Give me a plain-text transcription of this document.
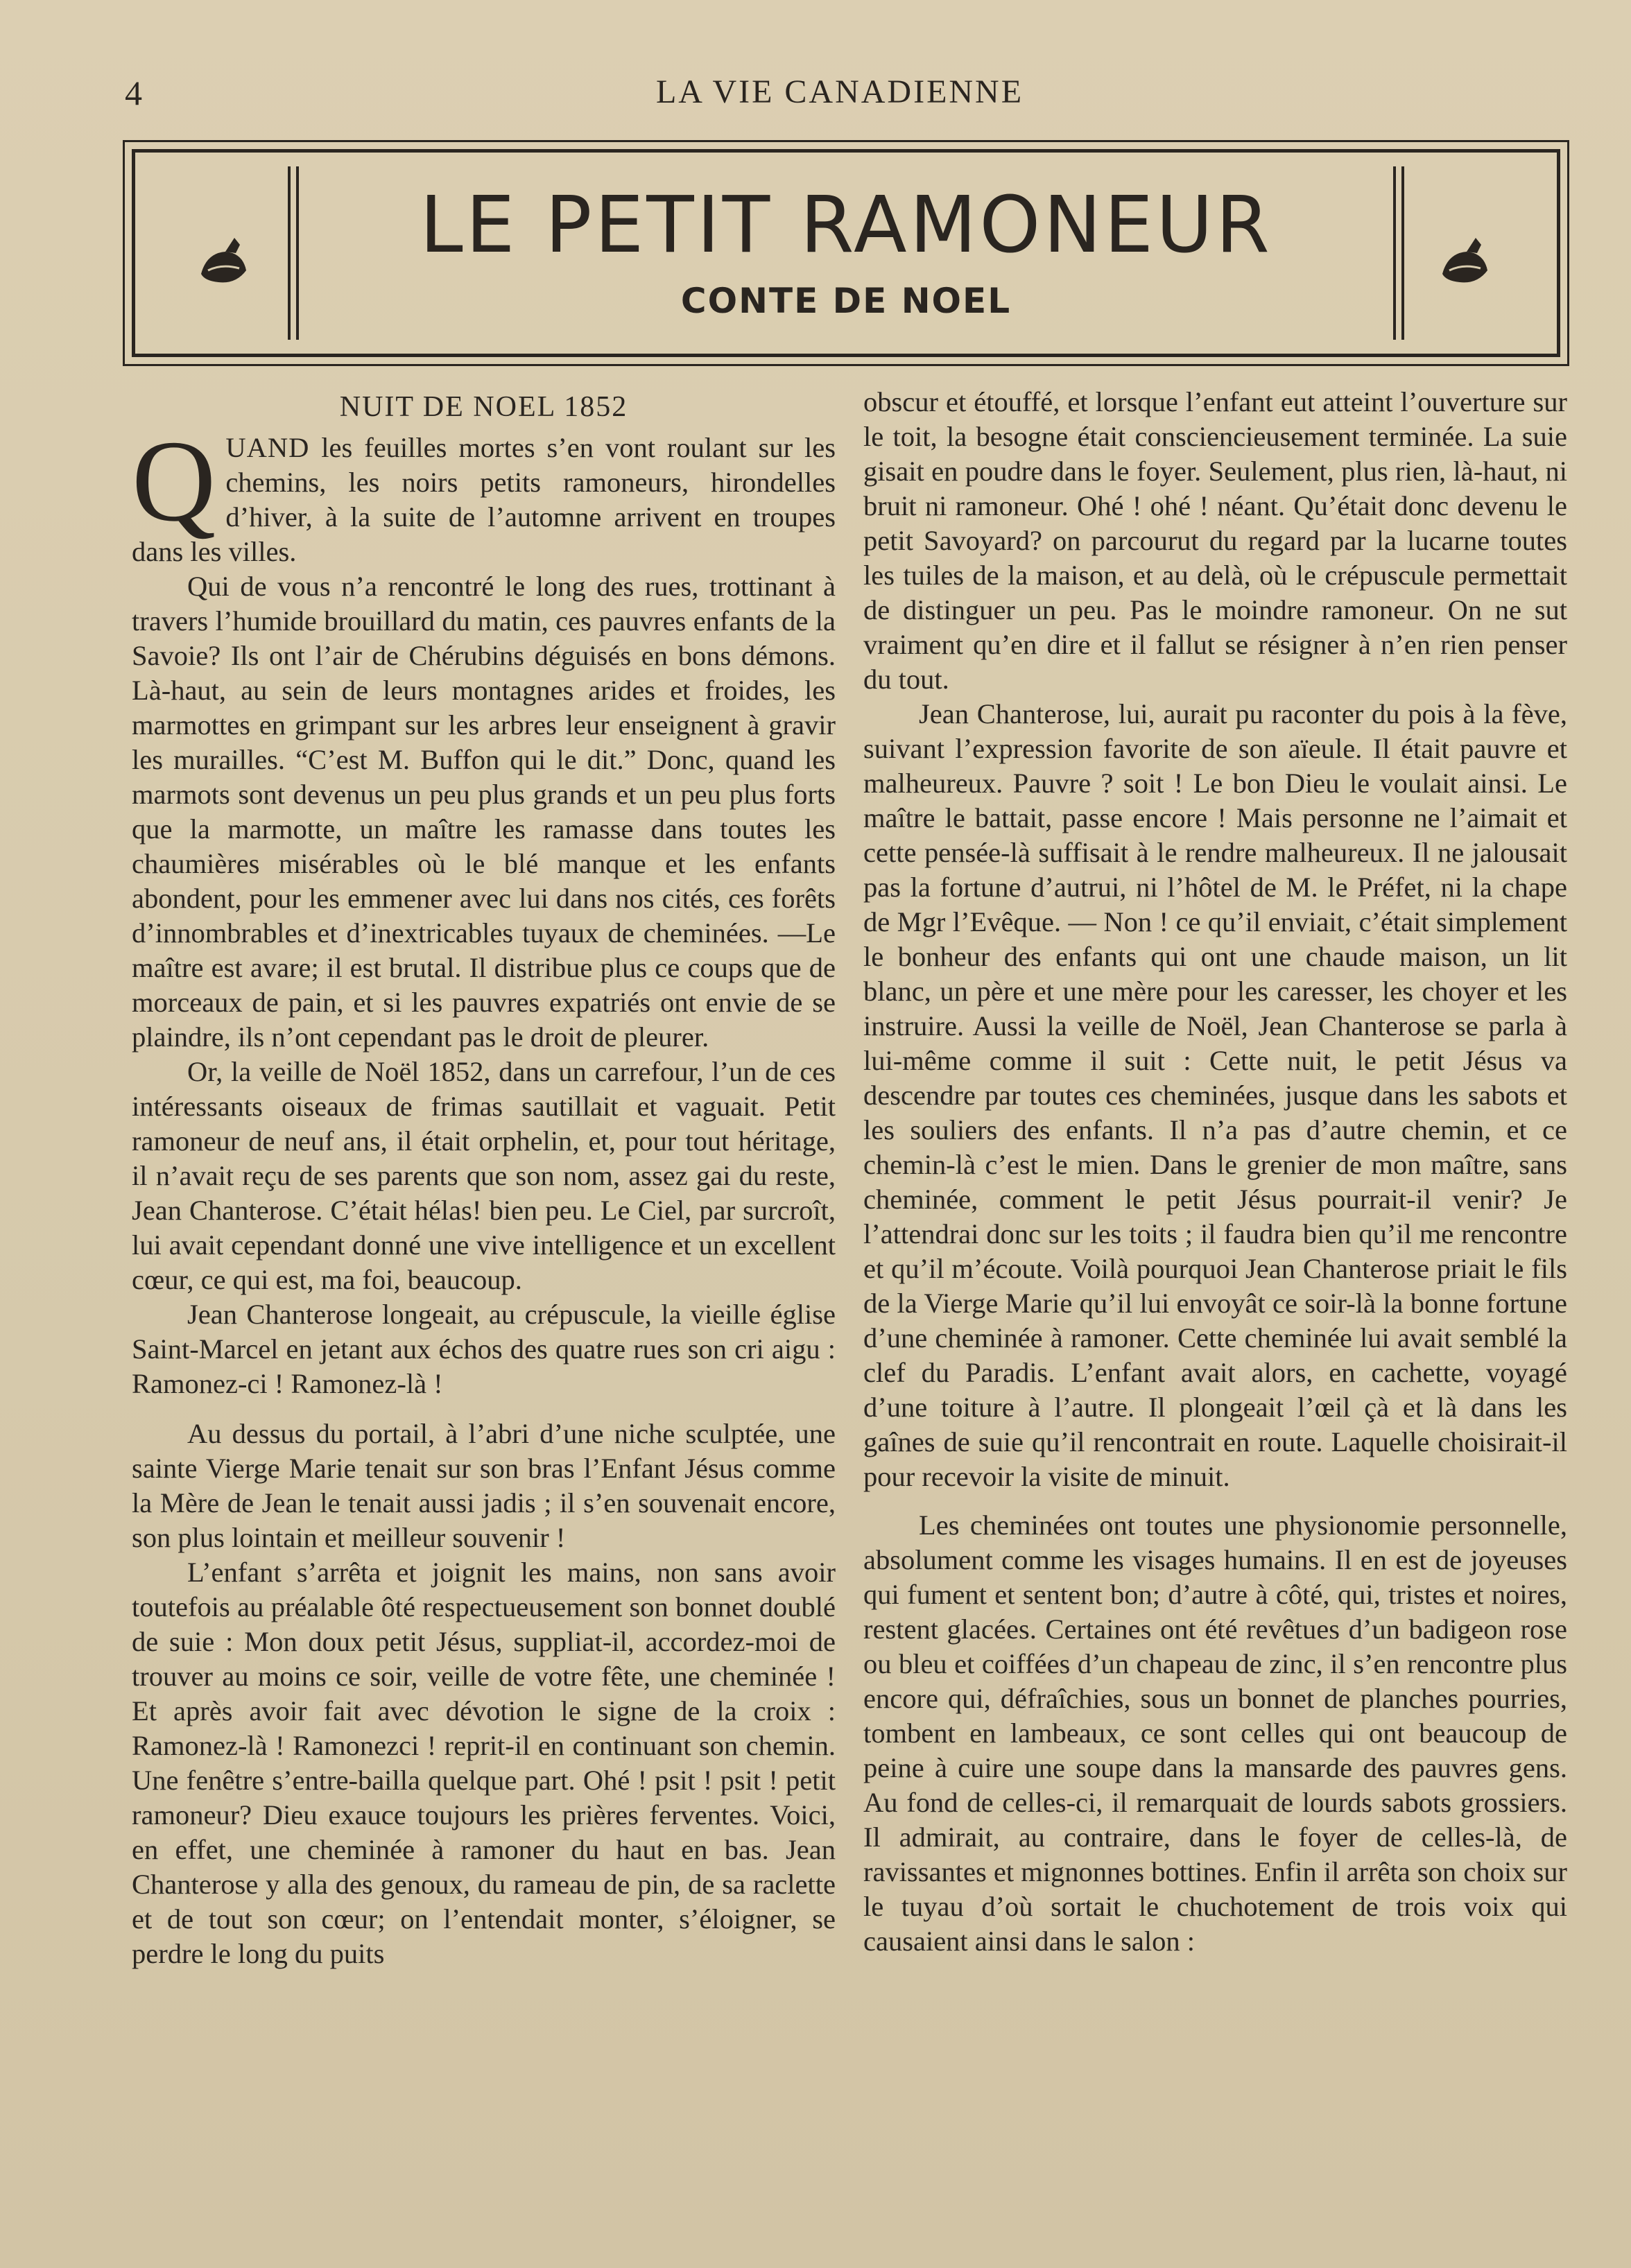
4	LA VIE CANADIENNE
LE PETIT RAMONEUR
CONTE DE NOEL
NUIT DE NOEL 1852

QUAND les feuilles mortes s’en vont roulant sur les chemins, les noirs petits ramoneurs, hirondelles d’hiver, à la suite de l’automne arrivent en troupes dans les villes.

Qui de vous n’a rencontré le long des rues, trottinant à travers l’humide brouillard du matin, ces pauvres enfants de la Savoie? Ils ont l’air de Chérubins déguisés en bons démons. Là-haut, au sein de leurs montagnes arides et froides, les marmottes en grimpant sur les arbres leur enseignent à gravir les murailles. “C’est M. Buffon qui le dit.” Donc, quand les marmots sont devenus un peu plus grands et un peu plus forts que la marmotte, un maître les ramasse dans toutes les chaumières misérables où le blé manque et les enfants abondent, pour les emmener avec lui dans nos cités, ces forêts d’innombrables et d’inextricables tuyaux de cheminées. —Le maître est avare; il est brutal. Il distribue plus ce coups que de morceaux de pain, et si les pauvres expatriés ont envie de se plaindre, ils n’ont cependant pas le droit de pleurer.

Or, la veille de Noël 1852, dans un carrefour, l’un de ces intéressants oiseaux de frimas sautillait et vaguait. Petit ramoneur de neuf ans, il était orphelin, et, pour tout héritage, il n’avait reçu de ses parents que son nom, assez gai du reste, Jean Chanterose. C’était hélas! bien peu. Le Ciel, par surcroît, lui avait cependant donné une vive intelligence et un excellent cœur, ce qui est, ma foi, beaucoup.

Jean Chanterose longeait, au crépuscule, la vieille église Saint-Marcel en jetant aux échos des quatre rues son cri aigu : Ramonez-ci ! Ramonez-là !

Au dessus du portail, à l’abri d’une niche sculptée, une sainte Vierge Marie tenait sur son bras l’Enfant Jésus comme la Mère de Jean le tenait aussi jadis ; il s’en souvenait encore, son plus lointain et meilleur souvenir !

L’enfant s’arrêta et joignit les mains, non sans avoir toutefois au préalable ôté respectueusement son bonnet doublé de suie : Mon doux petit Jésus, suppliat-il, accordez-moi de trouver au moins ce soir, veille de votre fête, une cheminée ! Et après avoir fait avec dévotion le signe de la croix : Ramonez-là ! Ramonezci ! reprit-il en continuant son chemin. Une fenêtre s’entre-bailla quelque part. Ohé ! psit ! psit ! petit ramoneur? Dieu exauce toujours les prières ferventes. Voici, en effet, une cheminée à ramoner du haut en bas. Jean Chanterose y alla des genoux, du rameau de pin, de sa raclette et de tout son cœur; on l’entendait monter, s’éloigner, se perdre le long du puits

obscur et étouffé, et lorsque l’enfant eut atteint l’ouverture sur le toit, la besogne était consciencieusement terminée. La suie gisait en poudre dans le foyer. Seulement, plus rien, là-haut, ni bruit ni ramoneur. Ohé ! ohé ! néant. Qu’était donc devenu le petit Savoyard? on parcourut du regard par la lucarne toutes les tuiles de la maison, et au delà, où le crépuscule permettait de distinguer un peu. Pas le moindre ramoneur. On ne sut vraiment qu’en dire et il fallut se résigner à n’en rien penser du tout.

Jean Chanterose, lui, aurait pu raconter du pois à la fève, suivant l’expression favorite de son aïeule. Il était pauvre et malheureux. Pauvre ? soit ! Le bon Dieu le voulait ainsi. Le maître le battait, passe encore ! Mais personne ne l’aimait et cette pensée-là suffisait à le rendre malheureux. Il ne jalousait pas la fortune d’autrui, ni l’hôtel de M. le Préfet, ni la chape de Mgr l’Evêque. — Non ! ce qu’il enviait, c’était simplement le bonheur des enfants qui ont une chaude maison, un lit blanc, un père et une mère pour les caresser, les choyer et les instruire. Aussi la veille de Noël, Jean Chanterose se parla à lui-même comme il suit : Cette nuit, le petit Jésus va descendre par toutes ces cheminées, jusque dans les sabots et les souliers des enfants. Il n’a pas d’autre chemin, et ce chemin-là c’est le mien. Dans le grenier de mon maître, sans cheminée, comment le petit Jésus pourrait-il venir? Je l’attendrai donc sur les toits ; il faudra bien qu’il me rencontre et qu’il m’écoute. Voilà pourquoi Jean Chanterose priait le fils de la Vierge Marie qu’il lui envoyât ce soir-là la bonne fortune d’une cheminée à ramoner. Cette cheminée lui avait semblé la clef du Paradis. L’enfant avait alors, en cachette, voyagé d’une toiture à l’autre. Il plongeait l’œil çà et là dans les gaînes de suie qu’il rencontrait en route. Laquelle choisirait-il pour recevoir la visite de minuit.

Les cheminées ont toutes une physionomie personnelle, absolument comme les visages humains. Il en est de joyeuses qui fument et sentent bon; d’autre à côté, qui, tristes et noires, restent glacées. Certaines ont été revêtues d’un badigeon rose ou bleu et coiffées d’un chapeau de zinc, il s’en rencontre plus encore qui, défraîchies, sous un bonnet de planches pourries, tombent en lambeaux, ce sont celles qui ont beaucoup de peine à cuire une soupe dans la mansarde des pauvres gens. Au fond de celles-ci, il remarquait de lourds sabots grossiers. Il admirait, au contraire, dans le foyer de celles-là, de ravissantes et mignonnes bottines. Enfin il arrêta son choix sur le tuyau d’où sortait le chuchotement de trois voix qui causaient ainsi dans le salon :
